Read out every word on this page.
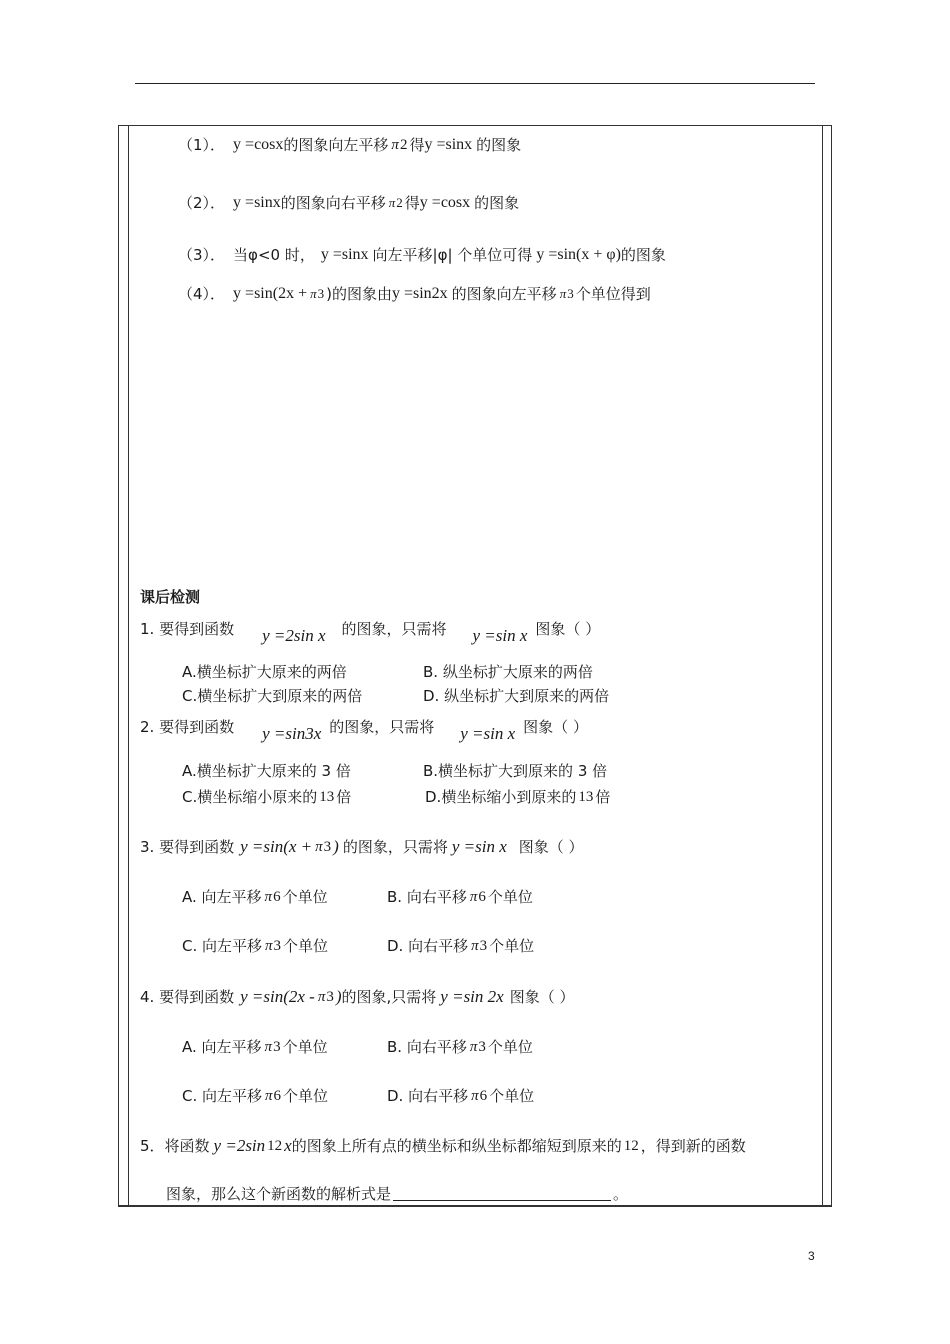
（1）． y =cosx 的图象向左平移 π2 得 y =sinx 的图象
（2）． y =sinx 的图象向右平移 π2 得 y =cosx 的图象
（3）． 当φ<0 时， y =sinx 向左平移|φ| 个单位可得 y =sin(x + φ) 的图象
（4）． y =sin(2x + π3 )的图象由 y =sin2x 的图象向左平移 π3 个单位得到
课后检测
1. 要得到函数 y =2sin x 的图象，只需将 y =sin x 图象（ ）
A.横坐标扩大原来的两倍	B. 纵坐标扩大原来的两倍
C.横坐标扩大到原来的两倍	D. 纵坐标扩大到原来的两倍
2. 要得到函数 y =sin3x 的图象，只需将 y =sin x 图象（ ）
A.横坐标扩大原来的 3 倍	B.横坐标扩大到原来的 3 倍
C.横坐标缩小原来的 13 倍	D.横坐标缩小到原来的 13 倍
3. 要得到函数 y =sin(x + π3 ) 的图象，只需将 y =sin x 图象（ ）
A. 向左平移 π6 个单位	B. 向右平移 π6 个单位
C. 向左平移 π3 个单位	D. 向右平移 π3 个单位
4. 要得到函数 y =sin(2x - π3 ) 的图象,只需将 y =sin 2x 图象（ ）
A. 向左平移 π3 个单位	B. 向右平移 π3 个单位
C. 向左平移 π6 个单位	D. 向右平移 π6 个单位
5．将函数 y =2sin 12 x 的图象上所有点的横坐标和纵坐标都缩短到原来的 12 ，得到新的函数
图象，那么这个新函数的解析式是	。
3
